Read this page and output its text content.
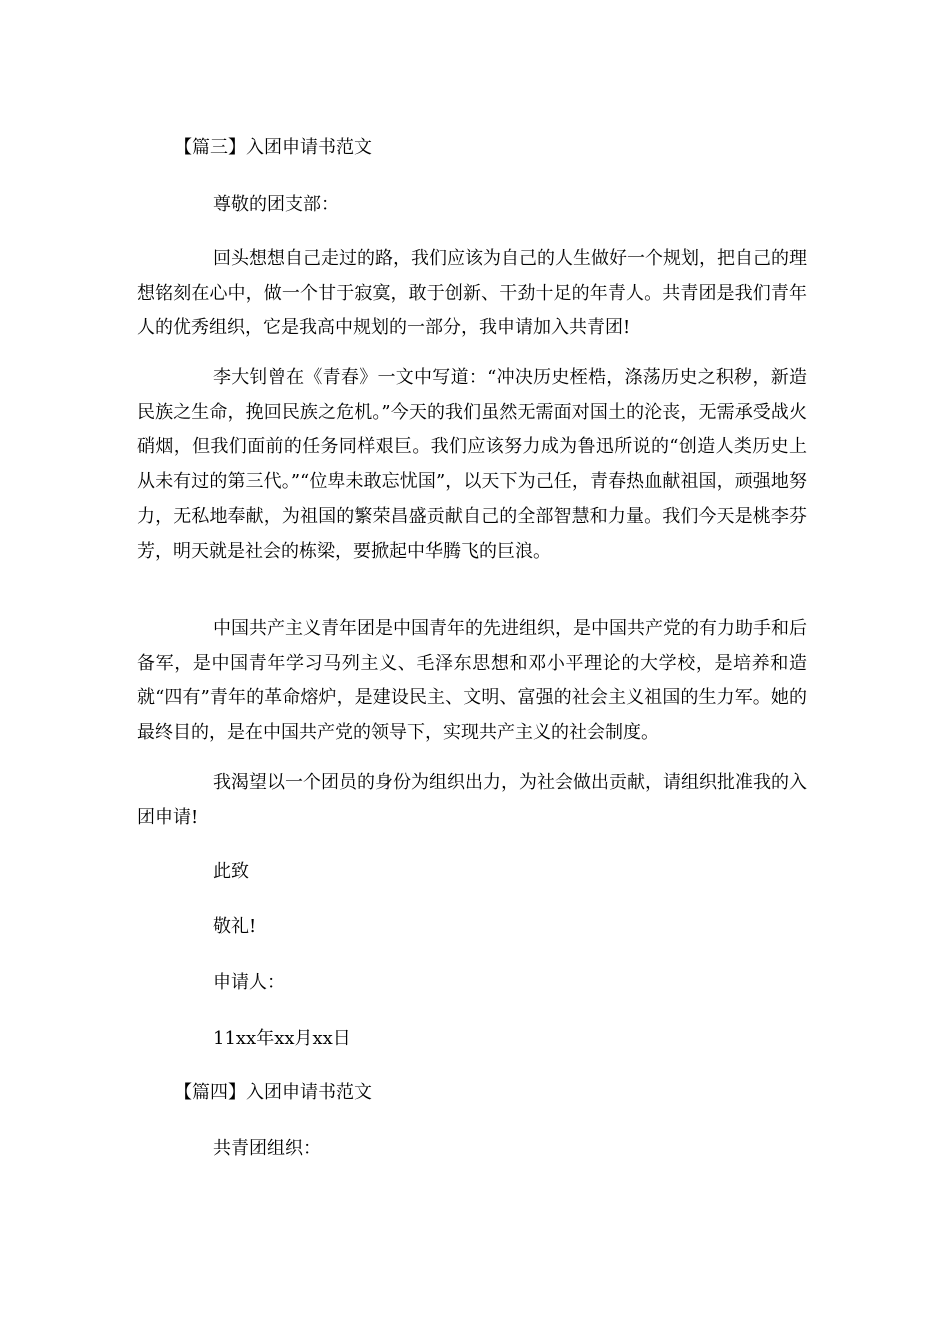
【篇三】入团申请书范文
尊敬的团支部：

回头想想自己走过的路，我们应该为自己的人生做好一个规划，把自己的理想铭刻在心中，做一个甘于寂寞，敢于创新、干劲十足的年青人。共青团是我们青年人的优秀组织，它是我高中规划的一部分，我申请加入共青团!

李大钊曾在《青春》一文中写道：“冲决历史桎梏，涤荡历史之积秽，新造民族之生命，挽回民族之危机。”今天的我们虽然无需面对国土的沦丧，无需承受战火硝烟，但我们面前的任务同样艰巨。我们应该努力成为鲁迅所说的“创造人类历史上从未有过的第三代。”“位卑未敢忘忧国”，以天下为己任，青春热血献祖国，顽强地努力，无私地奉献，为祖国的繁荣昌盛贡献自己的全部智慧和力量。我们今天是桃李芬芳，明天就是社会的栋梁，要掀起中华腾飞的巨浪。

中国共产主义青年团是中国青年的先进组织，是中国共产党的有力助手和后备军，是中国青年学习马列主义、毛泽东思想和邓小平理论的大学校，是培养和造就“四有”青年的革命熔炉，是建设民主、文明、富强的社会主义祖国的生力军。她的最终目的，是在中国共产党的领导下，实现共产主义的社会制度。

我渴望以一个团员的身份为组织出力，为社会做出贡献，请组织批准我的入团申请!

此致
敬礼!
申请人：
11xx年xx月xx日
【篇四】入团申请书范文
共青团组织：
